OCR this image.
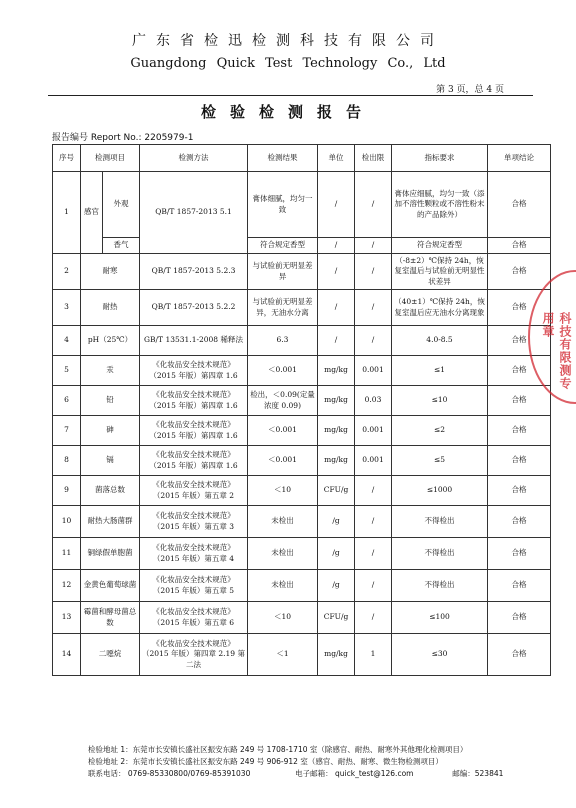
广东省检迅检测科技有限公司
Guangdong Quick Test Technology Co., Ltd
第 3 页，总 4 页
检验检测报告
报告编号 Report No.: 2205979-1
序号	检测项目		检测方法	检测结果	单位	检出限	指标要求	单项结论
1	感官	外观	QB/T 1857-2013 5.1	膏体细腻，均匀一致	/	/	膏体应细腻，均匀一致（添加不溶性颗粒或不溶性粉末的产品除外）	合格
		香气		符合规定香型	/	/	符合规定香型	合格
2	耐寒		QB/T 1857-2013 5.2.3	与试验前无明显差异	/	/	（-8±2）℃保持 24h，恢复室温后与试验前无明显性状差异	合格
3	耐热		QB/T 1857-2013 5.2.2	与试验前无明显差异，无油水分离	/	/	（40±1）℃保持 24h，恢复室温后应无油水分离现象	合格
4	pH（25℃）		GB/T 13531.1-2008 稀释法	6.3	/	/	4.0-8.5	合格
5	汞		《化妆品安全技术规范》（2015 年版）第四章 1.6	＜0.001	mg/kg	0.001	≤1	合格
6	铅		《化妆品安全技术规范》（2015 年版）第四章 1.6	检出，＜0.09(定量浓度 0.09)	mg/kg	0.03	≤10	合格
7	砷		《化妆品安全技术规范》（2015 年版）第四章 1.6	＜0.001	mg/kg	0.001	≤2	合格
8	镉		《化妆品安全技术规范》（2015 年版）第四章 1.6	＜0.001	mg/kg	0.001	≤5	合格
9	菌落总数		《化妆品安全技术规范》（2015 年版）第五章 2	＜10	CFU/g	/	≤1000	合格
10	耐热大肠菌群		《化妆品安全技术规范》（2015 年版）第五章 3	未检出	/g	/	不得检出	合格
11	铜绿假单胞菌		《化妆品安全技术规范》（2015 年版）第五章 4	未检出	/g	/	不得检出	合格
12	金黄色葡萄球菌		《化妆品安全技术规范》（2015 年版）第五章 5	未检出	/g	/	不得检出	合格
13	霉菌和酵母菌总数		《化妆品安全技术规范》（2015 年版）第五章 6	＜10	CFU/g	/	≤100	合格
14	二噁烷		《化妆品安全技术规范》（2015 年版）第四章 2.19 第二法	＜1	mg/kg	1	≤30	合格
科技有限测专用章
检验地址 1：东莞市长安镇长盛社区振安东路 249 号 1708-1710 室（除感官、耐热、耐寒外其他理化检测项目）
检验地址 2：东莞市长安镇长盛社区振安东路 249 号 906-912 室（感官、耐热、耐寒、微生物检测项目）
联系电话： 0769-85330800/0769-85391030	电子邮箱： quick_test@126.com	邮编：523841
